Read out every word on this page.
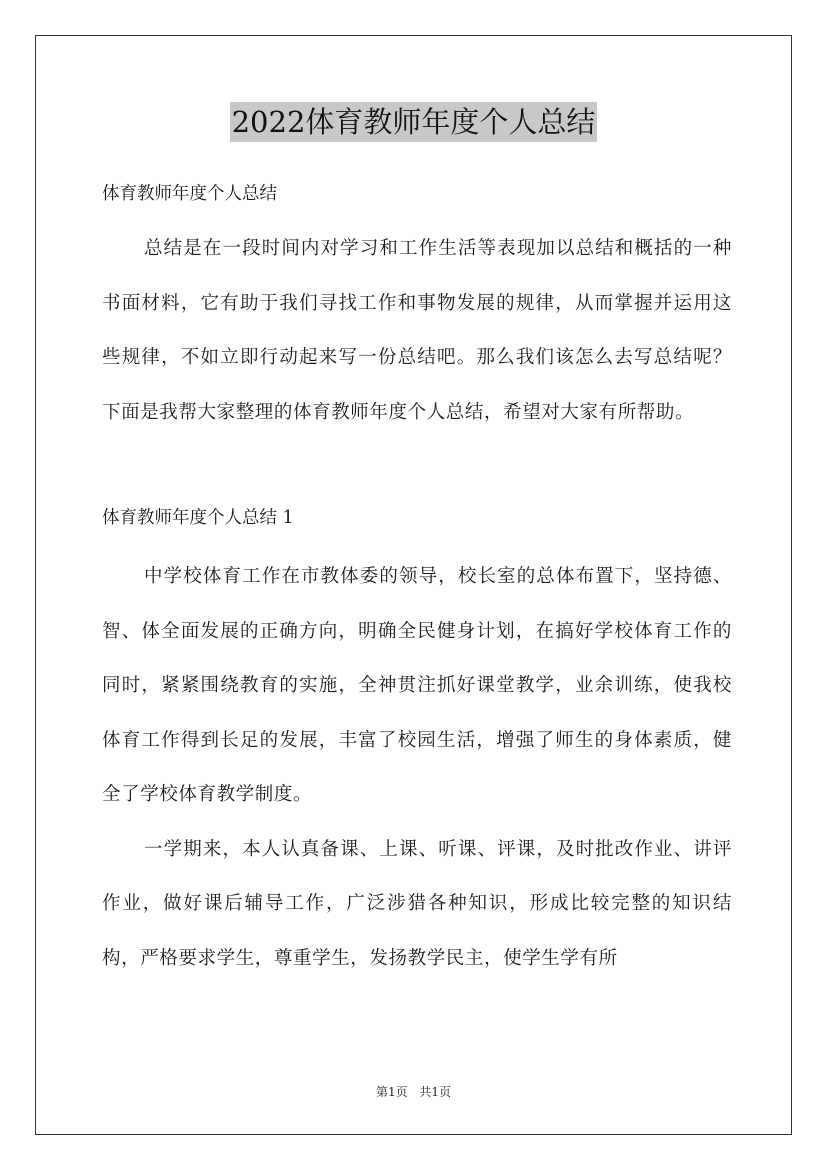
2022体育教师年度个人总结

体育教师年度个人总结

总结是在一段时间内对学习和工作生活等表现加以总结和概括的一种书面材料，它有助于我们寻找工作和事物发展的规律，从而掌握并运用这些规律，不如立即行动起来写一份总结吧。那么我们该怎么去写总结呢？下面是我帮大家整理的体育教师年度个人总结，希望对大家有所帮助。

体育教师年度个人总结 1

中学校体育工作在市教体委的领导，校长室的总体布置下，坚持德、智、体全面发展的正确方向，明确全民健身计划，在搞好学校体育工作的同时，紧紧围绕教育的实施，全神贯注抓好课堂教学，业余训练，使我校体育工作得到长足的发展，丰富了校园生活，增强了师生的身体素质，健全了学校体育教学制度。

一学期来，本人认真备课、上课、听课、评课，及时批改作业、讲评作业，做好课后辅导工作，广泛涉猎各种知识，形成比较完整的知识结构，严格要求学生，尊重学生，发扬教学民主，使学生学有所

第1页 共1页
